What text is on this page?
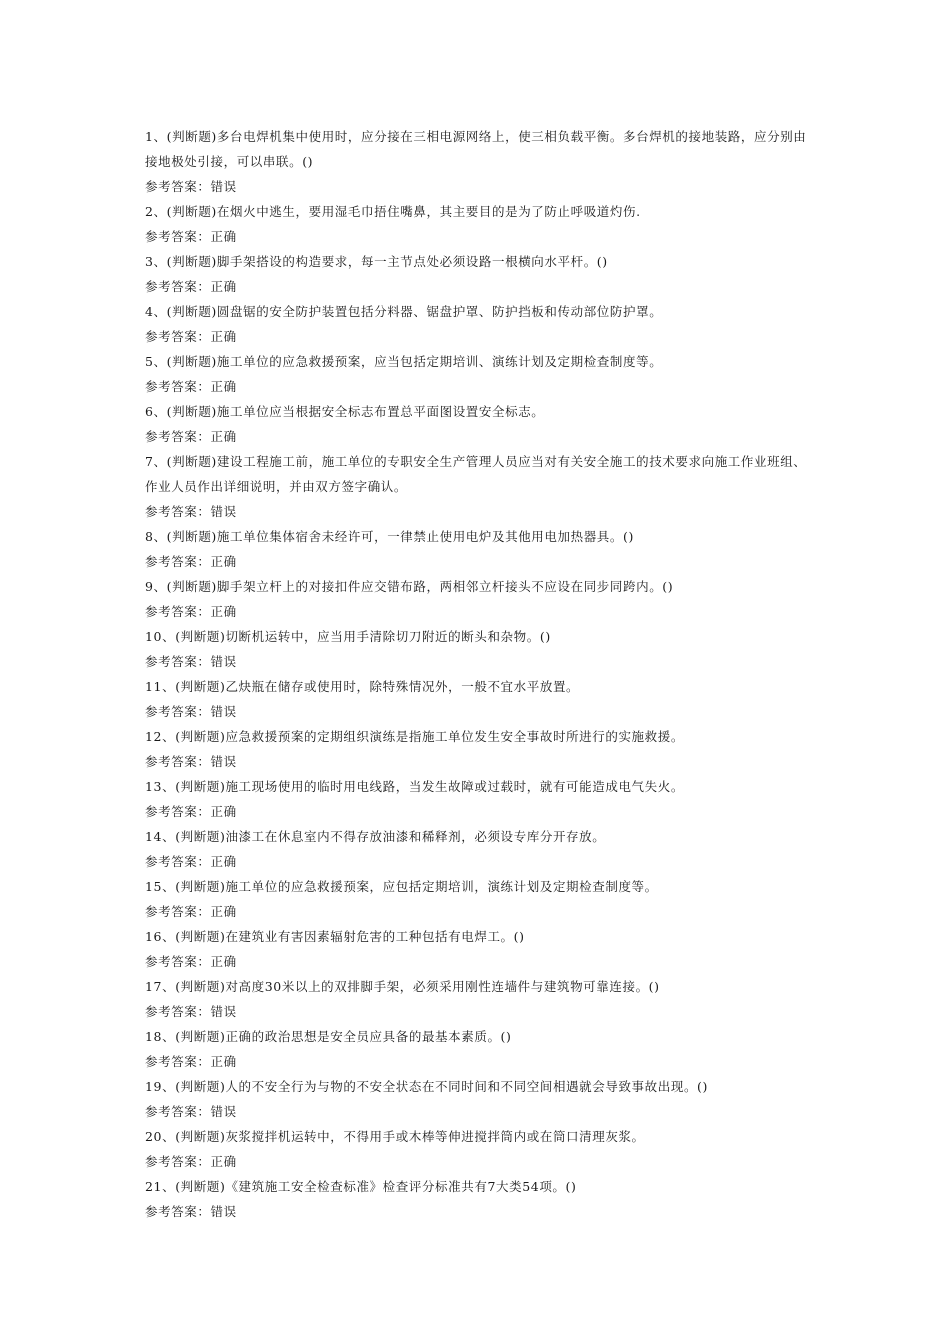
1、(判断题)多台电焊机集中使用时，应分接在三相电源网络上，使三相负载平衡。多台焊机的接地装路，应分别由接地极处引接，可以串联。()
参考答案：错误
2、(判断题)在烟火中逃生，要用湿毛巾捂住嘴鼻，其主要目的是为了防止呼吸道灼伤.
参考答案：正确
3、(判断题)脚手架搭设的构造要求，每一主节点处必须设路一根横向水平杆。()
参考答案：正确
4、(判断题)圆盘锯的安全防护装置包括分料器、锯盘护罩、防护挡板和传动部位防护罩。
参考答案：正确
5、(判断题)施工单位的应急救援预案，应当包括定期培训、演练计划及定期检查制度等。
参考答案：正确
6、(判断题)施工单位应当根据安全标志布置总平面图设置安全标志。
参考答案：正确
7、(判断题)建设工程施工前，施工单位的专职安全生产管理人员应当对有关安全施工的技术要求向施工作业班组、作业人员作出详细说明，并由双方签字确认。
参考答案：错误
8、(判断题)施工单位集体宿舍未经许可，一律禁止使用电炉及其他用电加热器具。()
参考答案：正确
9、(判断题)脚手架立杆上的对接扣件应交错布路，两相邻立杆接头不应设在同步同跨内。()
参考答案：正确
10、(判断题)切断机运转中，应当用手清除切刀附近的断头和杂物。()
参考答案：错误
11、(判断题)乙炔瓶在储存或使用时，除特殊情况外，一般不宜水平放置。
参考答案：错误
12、(判断题)应急救援预案的定期组织演练是指施工单位发生安全事故时所进行的实施救援。
参考答案：错误
13、(判断题)施工现场使用的临时用电线路，当发生故障或过载时，就有可能造成电气失火。
参考答案：正确
14、(判断题)油漆工在休息室内不得存放油漆和稀释剂，必须设专库分开存放。
参考答案：正确
15、(判断题)施工单位的应急救援预案，应包括定期培训，演练计划及定期检查制度等。
参考答案：正确
16、(判断题)在建筑业有害因素辐射危害的工种包括有电焊工。()
参考答案：正确
17、(判断题)对高度30米以上的双排脚手架，必须采用刚性连墙件与建筑物可靠连接。()
参考答案：错误
18、(判断题)正确的政治思想是安全员应具备的最基本素质。()
参考答案：正确
19、(判断题)人的不安全行为与物的不安全状态在不同时间和不同空间相遇就会导致事故出现。()
参考答案：错误
20、(判断题)灰浆搅拌机运转中，不得用手或木棒等伸进搅拌筒内或在筒口清理灰浆。
参考答案：正确
21、(判断题)《建筑施工安全检查标准》检查评分标准共有7大类54项。()
参考答案：错误
